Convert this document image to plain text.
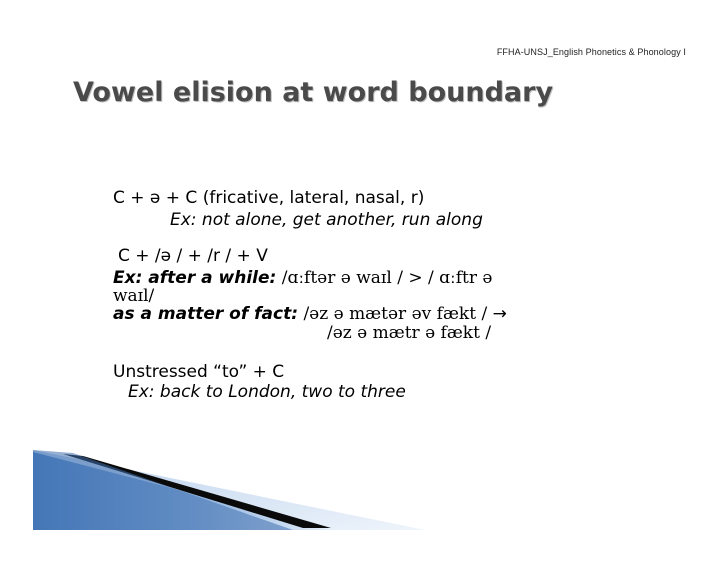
FFHA-UNSJ_English Phonetics & Phonology I
Vowel elision at word boundary
C + ə + C (fricative, lateral, nasal, r)
Ex: not alone, get another, run along
C + /ə / + /r / + V
Ex: after a while: /ɑːftər ə waɪl / > / ɑːftr ə
waɪl/
as a matter of fact: /əz ə mætər əv fækt / →
/əz ə mætr ə fækt /
Unstressed “to” + C
Ex: back to London, two to three
